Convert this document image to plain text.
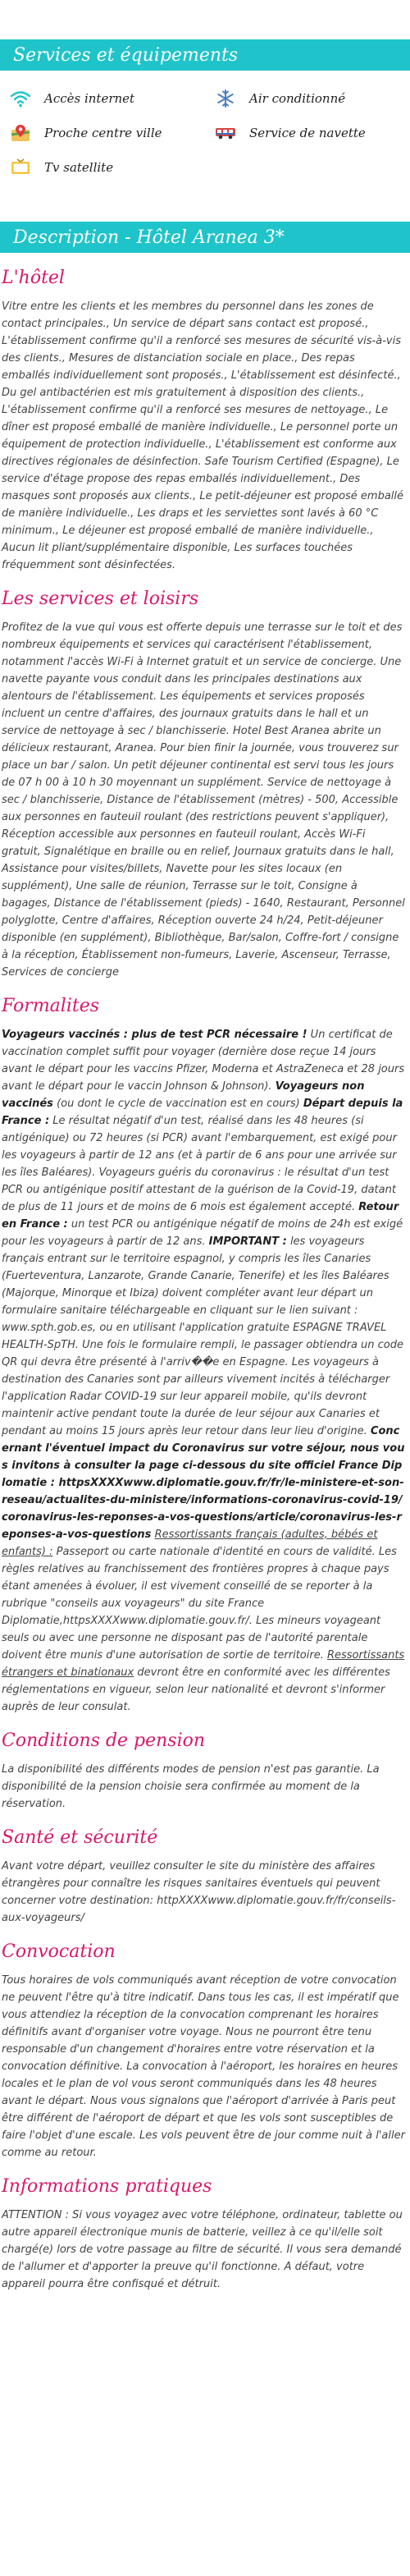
Services et équipements
Accès internet	Air conditionné
Proche centre ville	Service de navette
Tv satellite
Description - Hôtel Aranea 3*
L'hôtel

Vitre entre les clients et les membres du personnel dans les zones de contact principales., Un service de départ sans contact est proposé., L'établissement confirme qu'il a renforcé ses mesures de sécurité vis-à-vis des clients., Mesures de distanciation sociale en place., Des repas emballés individuellement sont proposés., L'établissement est désinfecté., Du gel antibactérien est mis gratuitement à disposition des clients., L'établissement confirme qu'il a renforcé ses mesures de nettoyage., Le dîner est proposé emballé de manière individuelle., Le personnel porte un équipement de protection individuelle., L'établissement est conforme aux directives régionales de désinfection. Safe Tourism Certified (Espagne), Le service d'étage propose des repas emballés individuellement., Des masques sont proposés aux clients., Le petit-déjeuner est proposé emballé de manière individuelle., Les draps et les serviettes sont lavés à 60 °C minimum., Le déjeuner est proposé emballé de manière individuelle., Aucun lit pliant/supplémentaire disponible, Les surfaces touchées fréquemment sont désinfectées.

Les services et loisirs

Profitez de la vue qui vous est offerte depuis une terrasse sur le toit et des nombreux équipements et services qui caractérisent l'établissement, notamment l'accès Wi-Fi à Internet gratuit et un service de concierge. Une navette payante vous conduit dans les principales destinations aux alentours de l'établissement. Les équipements et services proposés incluent un centre d'affaires, des journaux gratuits dans le hall et un service de nettoyage à sec / blanchisserie. Hotel Best Aranea abrite un délicieux restaurant, Aranea. Pour bien finir la journée, vous trouverez sur place un bar / salon. Un petit déjeuner continental est servi tous les jours de 07 h 00 à 10 h 30 moyennant un supplément. Service de nettoyage à sec / blanchisserie, Distance de l'établissement (mètres) - 500, Accessible aux personnes en fauteuil roulant (des restrictions peuvent s'appliquer), Réception accessible aux personnes en fauteuil roulant, Accès Wi-Fi gratuit, Signalétique en braille ou en relief, Journaux gratuits dans le hall, Assistance pour visites/billets, Navette pour les sites locaux (en supplément), Une salle de réunion, Terrasse sur le toit, Consigne à bagages, Distance de l'établissement (pieds) - 1640, Restaurant, Personnel polyglotte, Centre d'affaires, Réception ouverte 24 h/24, Petit-déjeuner disponible (en supplément), Bibliothèque, Bar/salon, Coffre-fort / consigne à la réception, Établissement non-fumeurs, Laverie, Ascenseur, Terrasse, Services de concierge

Formalites

Voyageurs vaccinés : plus de test PCR nécessaire ! Un certificat de vaccination complet suffit pour voyager (dernière dose reçue 14 jours avant le départ pour les vaccins Pfizer, Moderna et AstraZeneca et 28 jours avant le départ pour le vaccin Johnson & Johnson). Voyageurs non vaccinés (ou dont le cycle de vaccination est en cours) Départ depuis la France : Le résultat négatif d'un test, réalisé dans les 48 heures (si antigénique) ou 72 heures (si PCR) avant l'embarquement, est exigé pour les voyageurs à partir de 12 ans (et à partir de 6 ans pour une arrivée sur les îles Baléares). Voyageurs guéris du coronavirus : le résultat d'un test PCR ou antigénique positif attestant de la guérison de la Covid-19, datant de plus de 11 jours et de moins de 6 mois est également accepté. Retour en France : un test PCR ou antigénique négatif de moins de 24h est exigé pour les voyageurs à partir de 12 ans. IMPORTANT : les voyageurs français entrant sur le territoire espagnol, y compris les îles Canaries (Fuerteventura, Lanzarote, Grande Canarie, Tenerife) et les îles Baléares (Majorque, Minorque et Ibiza) doivent compléter avant leur départ un formulaire sanitaire téléchargeable en cliquant sur le lien suivant : www.spth.gob.es, ou en utilisant l'application gratuite ESPAGNE TRAVEL HEALTH-SpTH. Une fois le formulaire rempli, le passager obtiendra un code QR qui devra être présenté à l'arriv��e en Espagne. Les voyageurs à destination des Canaries sont par ailleurs vivement incités à télécharger l'application Radar COVID-19 sur leur appareil mobile, qu'ils devront maintenir active pendant toute la durée de leur séjour aux Canaries et pendant au moins 15 jours après leur retour dans leur lieu d'origine. Concernant l'éventuel impact du Coronavirus sur votre séjour, nous vous invitons à consulter la page ci-dessous du site officiel France Diplomatie : httpsXXXXwww.diplomatie.gouv.fr/fr/le-ministere-et-son-reseau/actualites-du-ministere/informations-coronavirus-covid-19/coronavirus-les-reponses-a-vos-questions/article/coronavirus-les-reponses-a-vos-questions Ressortissants français (adultes, bébés et enfants) : Passeport ou carte nationale d'identité en cours de validité. Les règles relatives au franchissement des frontières propres à chaque pays étant amenées à évoluer, il est vivement conseillé de se reporter à la rubrique "conseils aux voyageurs" du site France Diplomatie,httpsXXXXwww.diplomatie.gouv.fr/. Les mineurs voyageant seuls ou avec une personne ne disposant pas de l'autorité parentale doivent être munis d'une autorisation de sortie de territoire. Ressortissants étrangers et binationaux devront être en conformité avec les différentes réglementations en vigueur, selon leur nationalité et devront s'informer auprès de leur consulat.

Conditions de pension

La disponibilité des différents modes de pension n'est pas garantie. La disponibilité de la pension choisie sera confirmée au moment de la réservation.

Santé et sécurité

Avant votre départ, veuillez consulter le site du ministère des affaires étrangères pour connaître les risques sanitaires éventuels qui peuvent concerner votre destination: httpXXXXwww.diplomatie.gouv.fr/fr/conseils-aux-voyageurs/

Convocation

Tous horaires de vols communiqués avant réception de votre convocation ne peuvent l'être qu'à titre indicatif. Dans tous les cas, il est impératif que vous attendiez la réception de la convocation comprenant les horaires définitifs avant d'organiser votre voyage. Nous ne pourront être tenu responsable d'un changement d'horaires entre votre réservation et la convocation définitive. La convocation à l'aéroport, les horaires en heures locales et le plan de vol vous seront communiqués dans les 48 heures avant le départ. Nous vous signalons que l'aéroport d'arrivée à Paris peut être différent de l'aéroport de départ et que les vols sont susceptibles de faire l'objet d'une escale. Les vols peuvent être de jour comme nuit à l'aller comme au retour.

Informations pratiques

ATTENTION : Si vous voyagez avec votre téléphone, ordinateur, tablette ou autre appareil électronique munis de batterie, veillez à ce qu'il/elle soit chargé(e) lors de votre passage au filtre de sécurité. Il vous sera demandé de l'allumer et d'apporter la preuve qu'il fonctionne. A défaut, votre appareil pourra être confisqué et détruit.
